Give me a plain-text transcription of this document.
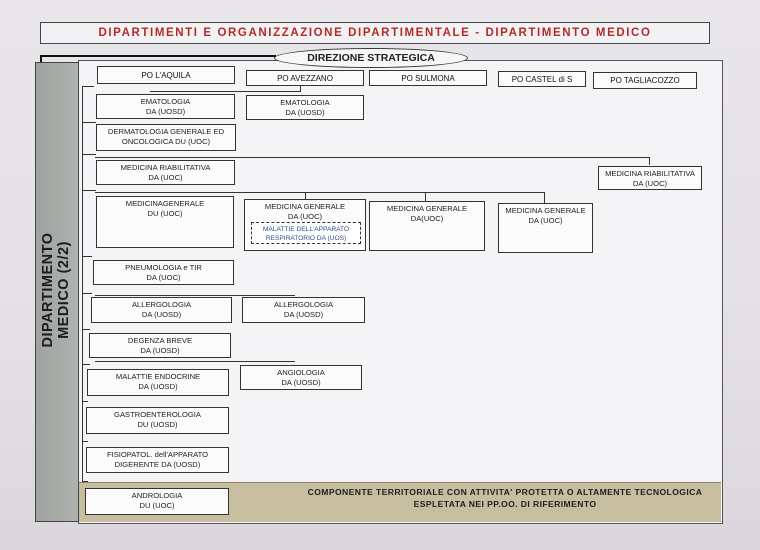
DIPARTIMENTI E ORGANIZZAZIONE DIPARTIMENTALE - DIPARTIMENTO MEDICO
DIREZIONE STRATEGICA
DIPARTIMENTO MEDICO (2/2)
PO L'AQUILA	PO AVEZZANO	PO SULMONA	PO CASTEL di S	PO TAGLIACOZZO
EMATOLOGIA
DA (UOSD)
EMATOLOGIA
DA (UOSD)
DERMATOLOGIA GENERALE ED
ONCOLOGICA DU (UOC)
MEDICINA RIABILITATIVA
DA (UOC)	MEDICINA RIABILITATIVA
DA (UOC)
MEDICINAGENERALE
DU (UOC)
MEDICINA GENERALE
DA (UOC)
MALATTIE DELL'APPARATO RESPIRATORIO DA (UOS)
MEDICINA GENERALE
DA(UOC)
MEDICINA GENERALE
DA (UOC)
PNEUMOLOGIA e TIR
DA (UOC)
ALLERGOLOGIA
DA (UOSD)
ALLERGOLOGIA
DA (UOSD)
DEGENZA BREVE
DA (UOSD)
MALATTIE ENDOCRINE
DA (UOSD)
ANGIOLOGIA
DA (UOSD)
GASTROENTEROLOGIA
DU (UOSD)
FISIOPATOL. dell'APPARATO
DIGERENTE DA (UOSD)
COMPONENTE TERRITORIALE CON ATTIVITA' PROTETTA O ALTAMENTE TECNOLOGICA
ESPLETATA NEI PP.OO. DI RIFERIMENTO
ANDROLOGIA
DU (UOC)
